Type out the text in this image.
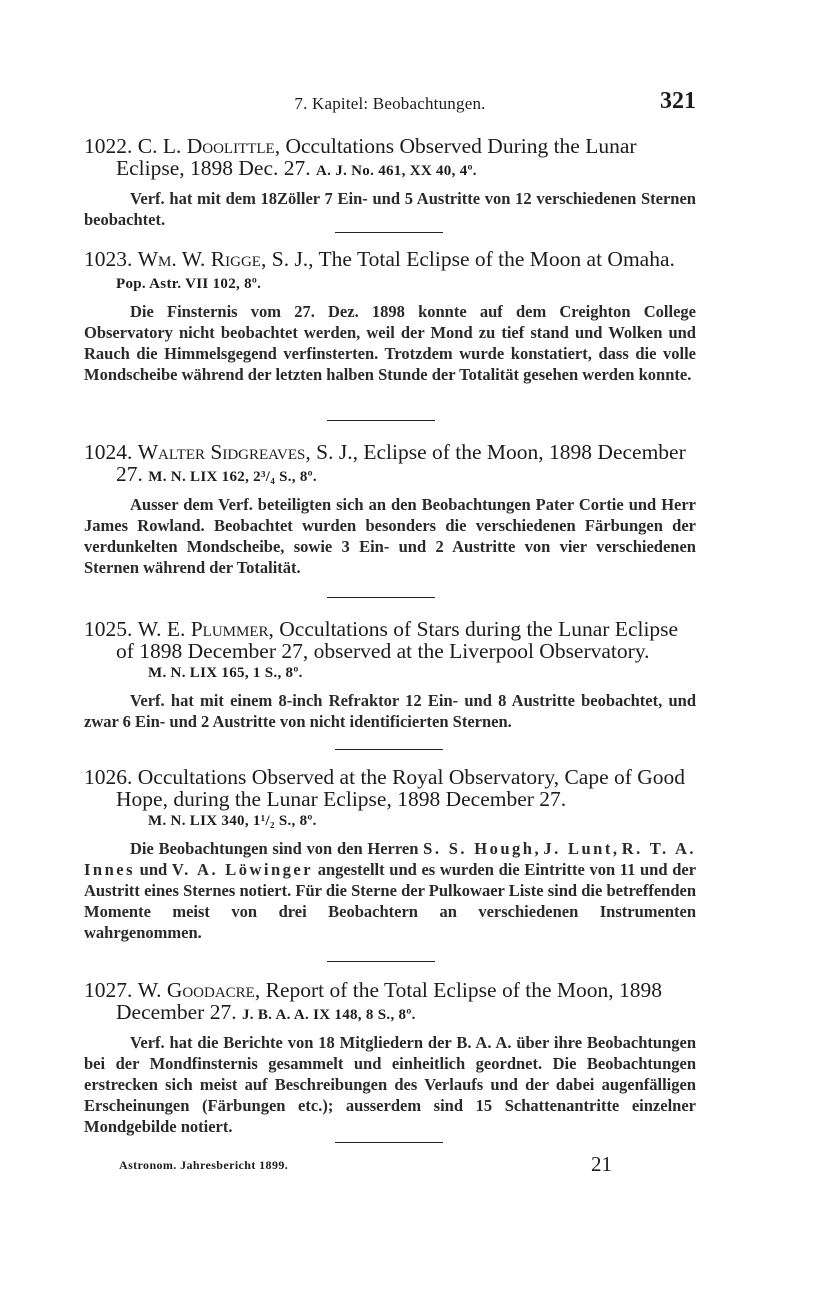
7. Kapitel: Beobachtungen.	321

1022. C. L. Doolittle, Occultations Observed During the Lunar Eclipse, 1898 Dec. 27. A. J. No. 461, XX 40, 4º.

Verf. hat mit dem 18Zöller 7 Ein- und 5 Austritte von 12 verschiedenen Sternen beobachtet.

1023. Wm. W. Rigge, S. J., The Total Eclipse of the Moon at Omaha. Pop. Astr. VII 102, 8º.

Die Finsternis vom 27. Dez. 1898 konnte auf dem Creighton College Observatory nicht beobachtet werden, weil der Mond zu tief stand und Wolken und Rauch die Himmelsgegend verfinsterten. Trotzdem wurde konstatiert, dass die volle Mondscheibe während der letzten halben Stunde der Totalität gesehen werden konnte.

1024. Walter Sidgreaves, S. J., Eclipse of the Moon, 1898 December 27. M. N. LIX 162, 2³/₄ S., 8º.

Ausser dem Verf. beteiligten sich an den Beobachtungen Pater Cortie und Herr James Rowland. Beobachtet wurden besonders die verschiedenen Färbungen der verdunkelten Mondscheibe, sowie 3 Ein- und 2 Austritte von vier verschiedenen Sternen während der Totalität.

1025. W. E. Plummer, Occultations of Stars during the Lunar Eclipse of 1898 December 27, observed at the Liverpool Observatory.
M. N. LIX 165, 1 S., 8º.

Verf. hat mit einem 8-inch Refraktor 12 Ein- und 8 Austritte beobachtet, und zwar 6 Ein- und 2 Austritte von nicht identificierten Sternen.

1026. Occultations Observed at the Royal Observatory, Cape of Good Hope, during the Lunar Eclipse, 1898 December 27.
M. N. LIX 340, 1¹/₂ S., 8º.

Die Beobachtungen sind von den Herren S. S. Hough, J. Lunt, R. T. A. Innes und V. A. Löwinger angestellt und es wurden die Eintritte von 11 und der Austritt eines Sternes notiert. Für die Sterne der Pulkowaer Liste sind die betreffenden Momente meist von drei Beobachtern an verschiedenen Instrumenten wahrgenommen.

1027. W. Goodacre, Report of the Total Eclipse of the Moon, 1898 December 27. J. B. A. A. IX 148, 8 S., 8º.

Verf. hat die Berichte von 18 Mitgliedern der B. A. A. über ihre Beobachtungen bei der Mondfinsternis gesammelt und einheitlich geordnet. Die Beobachtungen erstrecken sich meist auf Beschreibungen des Verlaufs und der dabei augenfälligen Erscheinungen (Färbungen etc.); ausserdem sind 15 Schattenantritte einzelner Mondgebilde notiert.

Astronom. Jahresbericht 1899.	21
